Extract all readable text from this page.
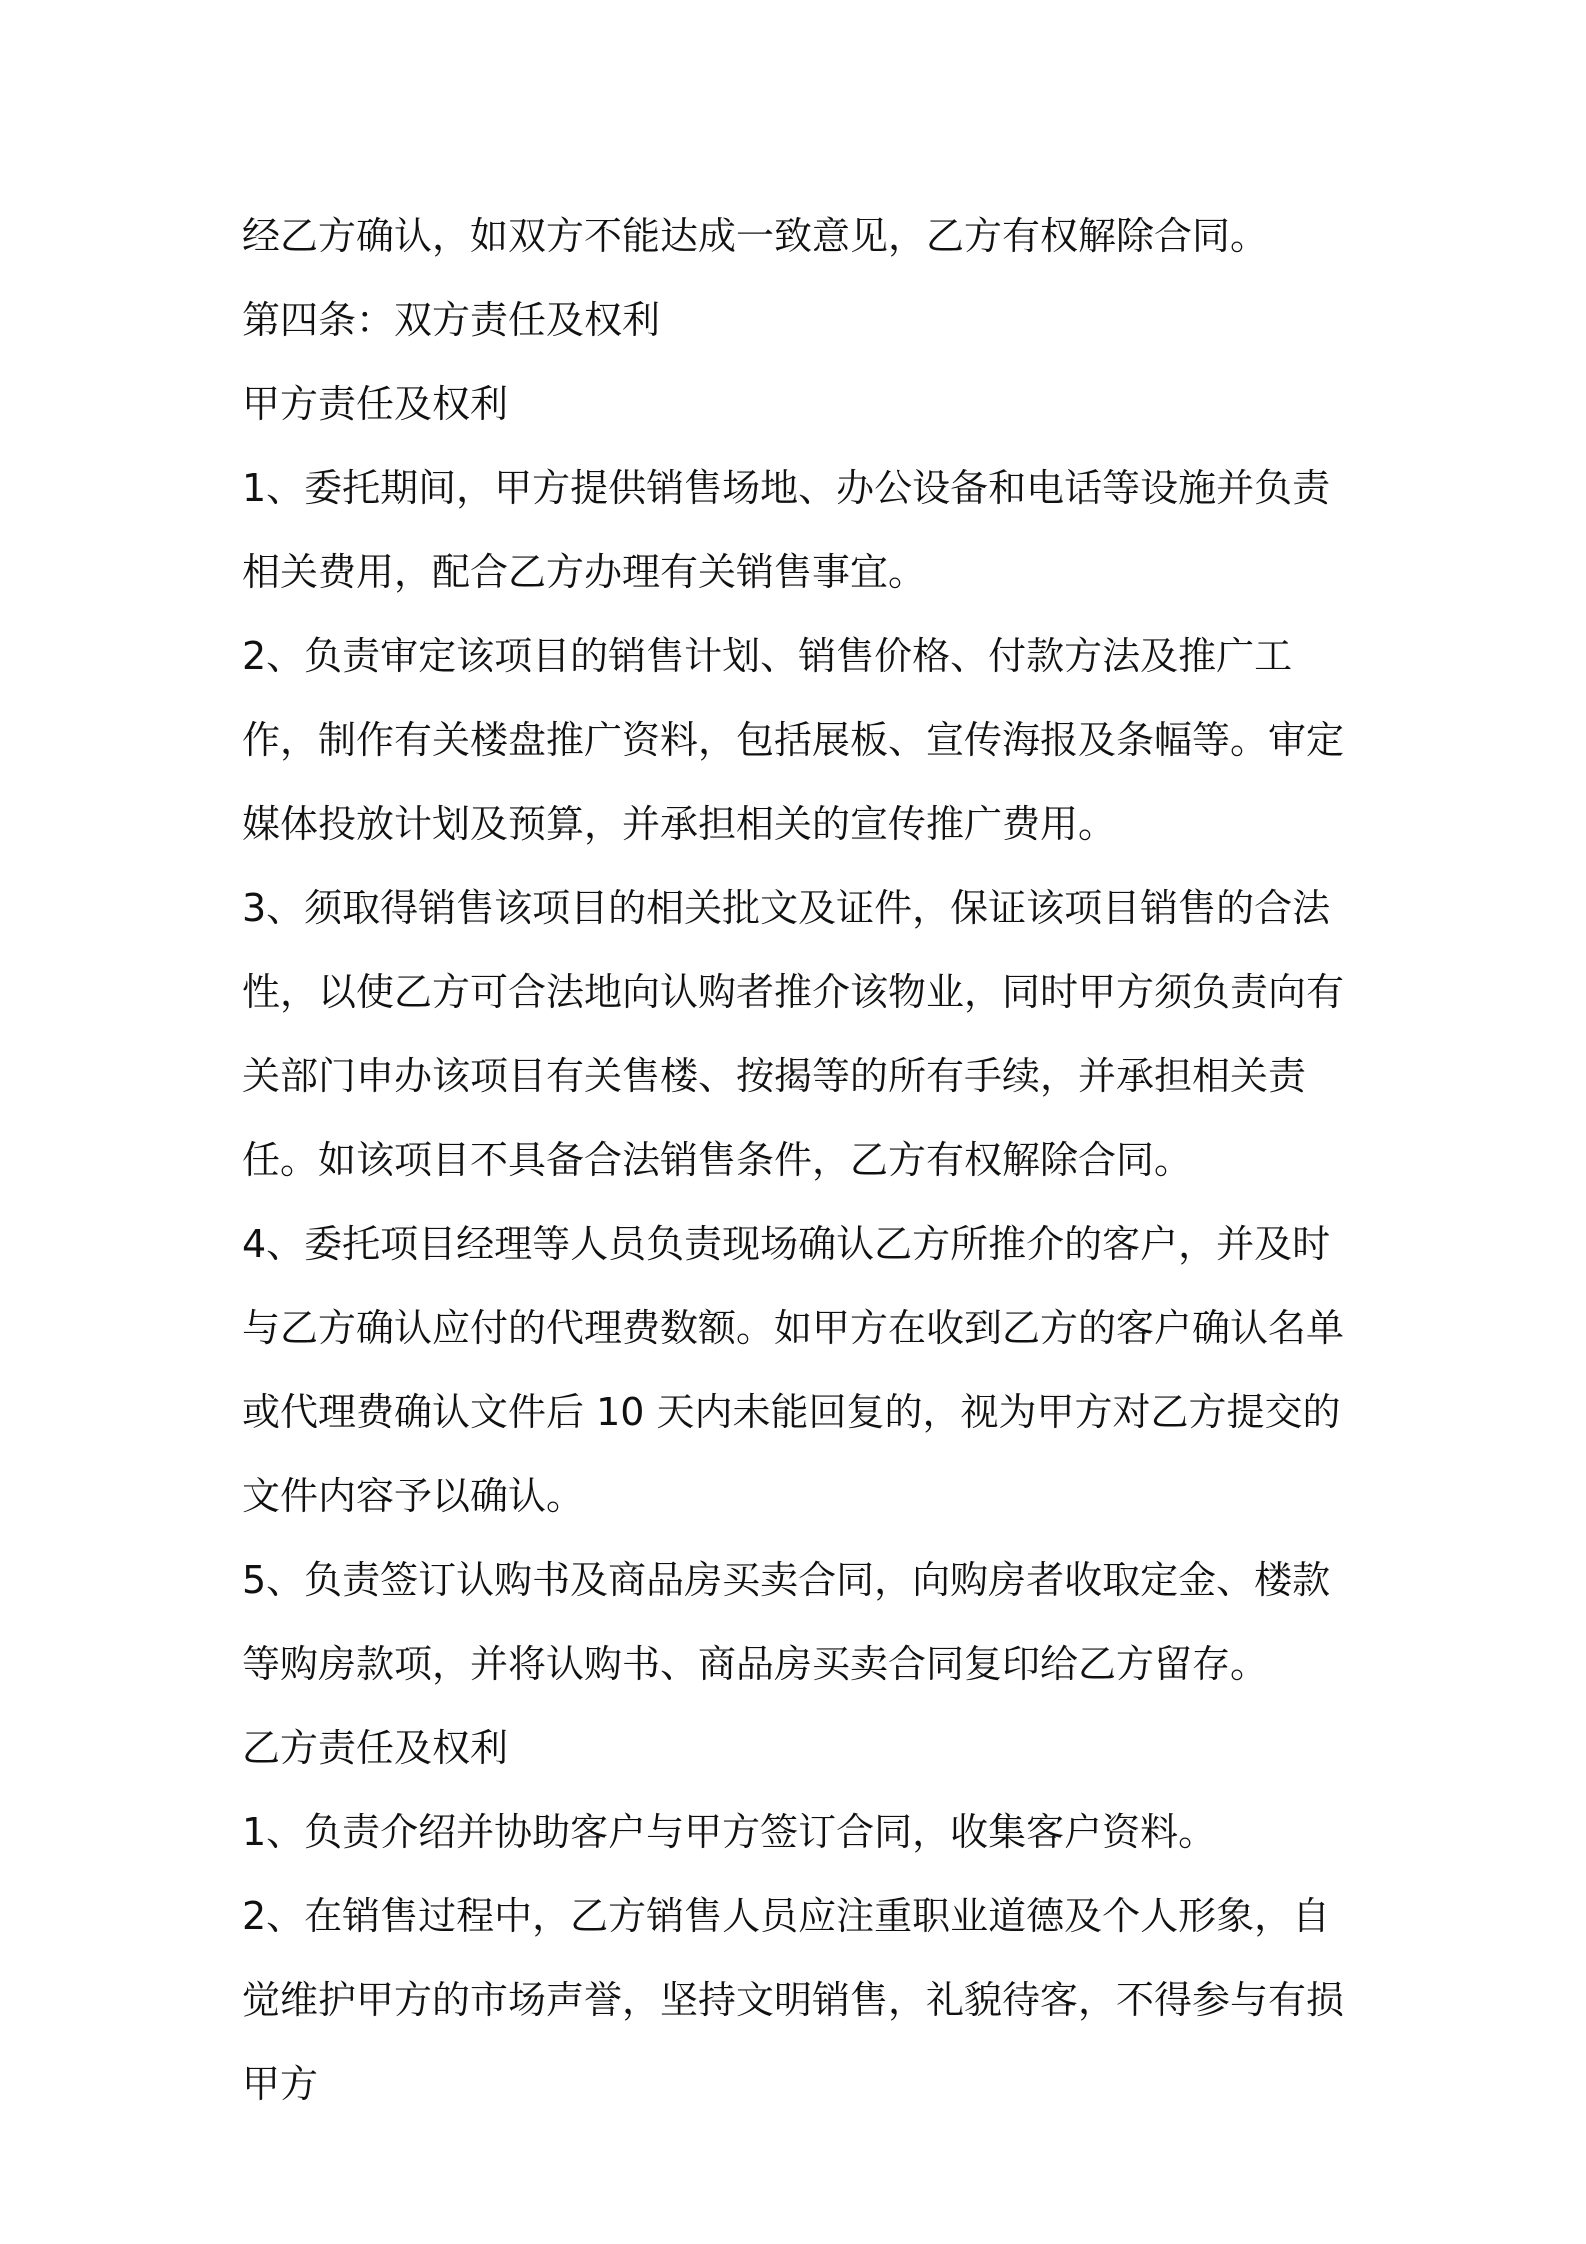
经乙方确认，如双方不能达成一致意见，乙方有权解除合同。

第四条：双方责任及权利

甲方责任及权利

1、委托期间，甲方提供销售场地、办公设备和电话等设施并负责相关费用，配合乙方办理有关销售事宜。

2、负责审定该项目的销售计划、销售价格、付款方法及推广工作，制作有关楼盘推广资料，包括展板、宣传海报及条幅等。审定媒体投放计划及预算，并承担相关的宣传推广费用。

3、须取得销售该项目的相关批文及证件，保证该项目销售的合法性，以使乙方可合法地向认购者推介该物业，同时甲方须负责向有关部门申办该项目有关售楼、按揭等的所有手续，并承担相关责任。如该项目不具备合法销售条件，乙方有权解除合同。

4、委托项目经理等人员负责现场确认乙方所推介的客户，并及时与乙方确认应付的代理费数额。如甲方在收到乙方的客户确认名单或代理费确认文件后 10 天内未能回复的，视为甲方对乙方提交的文件内容予以确认。

5、负责签订认购书及商品房买卖合同，向购房者收取定金、楼款等购房款项，并将认购书、商品房买卖合同复印给乙方留存。

乙方责任及权利

1、负责介绍并协助客户与甲方签订合同，收集客户资料。

2、在销售过程中，乙方销售人员应注重职业道德及个人形象，自觉维护甲方的市场声誉，坚持文明销售，礼貌待客，不得参与有损甲方
